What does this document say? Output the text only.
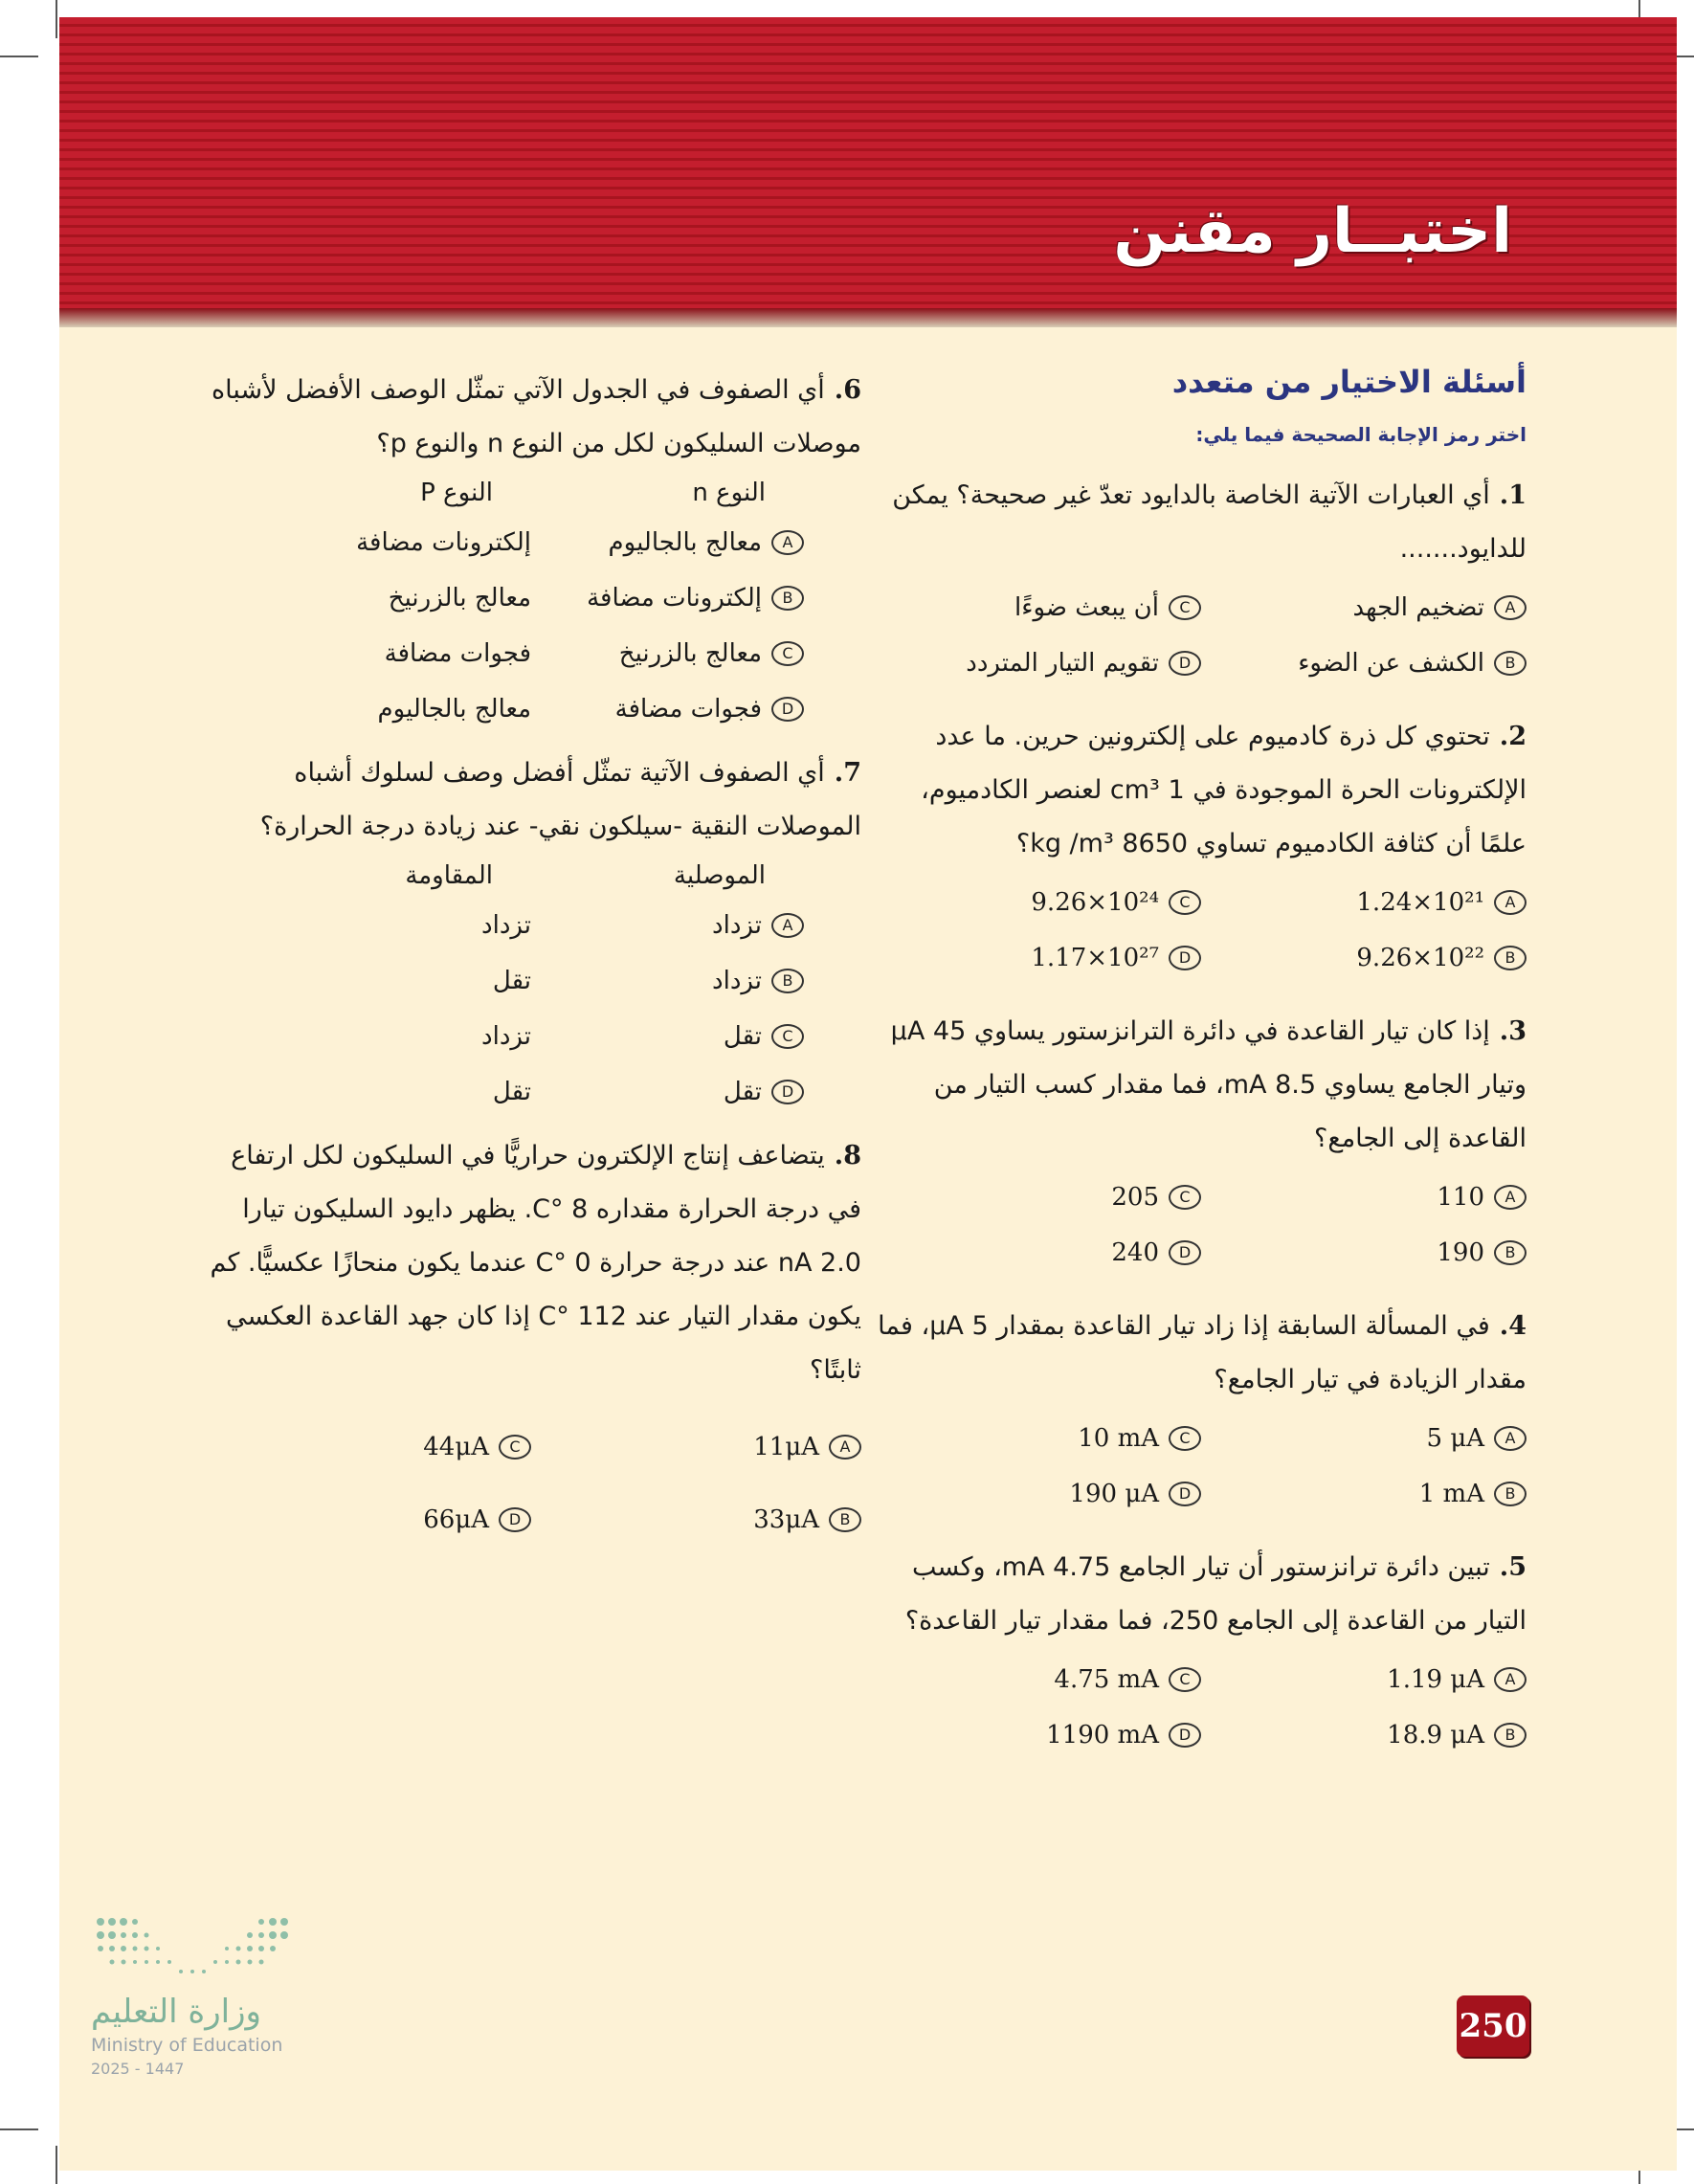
اختبــار مقنن
أسئلة الاختيار من متعدد
اختر رمز الإجابة الصحيحة فيما يلي:

1.أي العبارات الآتية الخاصة بالدايود تعدّ غير صحيحة؟ يمكن للدايود.......

A
تضخيم الجهد
C
أن يبعث ضوءًا
B
الكشف عن الضوء
D
تقويم التيار المتردد

2.تحتوي كل ذرة كادميوم على إلكترونين حرين. ما عدد الإلكترونات الحرة الموجودة في 1 cm³ لعنصر الكادميوم، علمًا أن كثافة الكادميوم تساوي 8650 kg /m³؟

A
1.24×10²¹
C
9.26×10²⁴
B
9.26×10²²
D
1.17×10²⁷

3.إذا كان تيار القاعدة في دائرة الترانزستور يساوي 45 μA وتيار الجامع يساوي 8.5 mA، فما مقدار كسب التيار من القاعدة إلى الجامع؟

A
110
C
205
B
190
D
240

4.في المسألة السابقة إذا زاد تيار القاعدة بمقدار 5 μA، فما مقدار الزيادة في تيار الجامع؟

A
5 μA
C
10 mA
B
1 mA
D
190 μA

5.تبين دائرة ترانزستور أن تيار الجامع 4.75 mA، وكسب التيار من القاعدة إلى الجامع 250، فما مقدار تيار القاعدة؟

A
1.19 μA
C
4.75 mA
B
18.9 μA
D
1190 mA

6.أي الصفوف في الجدول الآتي تمثّل الوصف الأفضل لأشباه موصلات السليكون لكل من النوع n والنوع p؟

النوع n
النوع P
A
معالج بالجاليوم
إلكترونات مضافة
B
إلكترونات مضافة
معالج بالزرنيخ
C
معالج بالزرنيخ
فجوات مضافة
D
فجوات مضافة
معالج بالجاليوم

7.أي الصفوف الآتية تمثّل أفضل وصف لسلوك أشباه الموصلات النقية -سيلكون نقي- عند زيادة درجة الحرارة؟

الموصلية
المقاومة
A
تزداد
تزداد
B
تزداد
تقل
C
تقل
تزداد
D
تقل
تقل

8.يتضاعف إنتاج الإلكترون حراريًّا في السليكون لكل ارتفاع في درجة الحرارة مقداره 8 °C. يظهر دايود السليكون تيارا 2.0 nA عند درجة حرارة 0 °C عندما يكون منحازًا عكسيًّا. كم يكون مقدار التيار عند 112 °C إذا كان جهد القاعدة العكسي ثابتًا؟

A
11μA
C
44μA
B
33μA
D
66μA
وزارة التعليم
Ministry of Education
2025 - 1447
250
